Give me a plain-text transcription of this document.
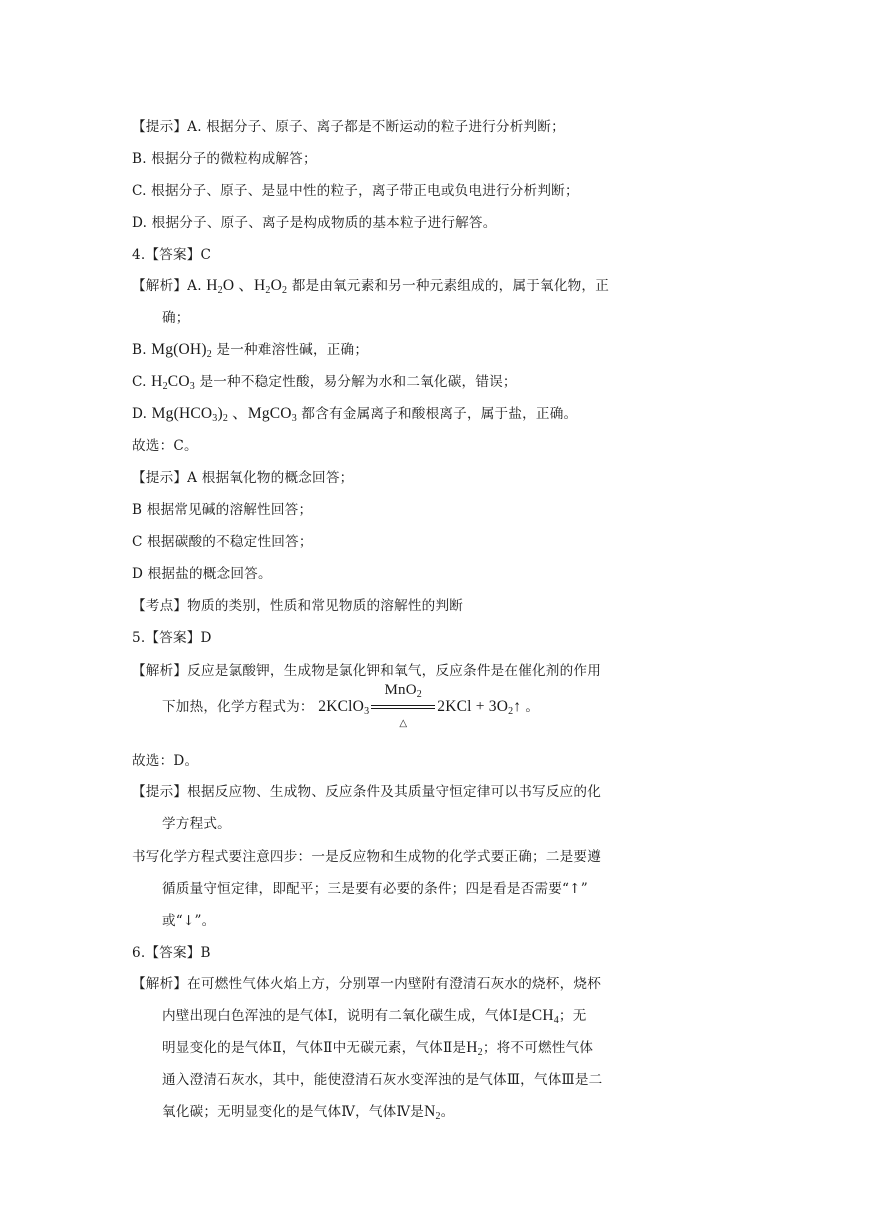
【提示】A. 根据分子、原子、离子都是不断运动的粒子进行分析判断；
B. 根据分子的微粒构成解答；
C. 根据分子、原子、是显中性的粒子，离子带正电或负电进行分析判断；
D. 根据分子、原子、离子是构成物质的基本粒子进行解答。
4.【答案】C
【解析】A. $H_2O$ 、$H_2O_2$ 都是由氧元素和另一种元素组成的，属于氧化物，正
确；
B. $Mg(OH)_2$ 是一种难溶性碱，正确；
C. $H_2CO_3$ 是一种不稳定性酸，易分解为水和二氧化碳，错误；
D. $Mg(HCO_3)_2$ 、MgCO$_3$ 都含有金属离子和酸根离子，属于盐，正确。
故选：C。
【提示】A 根据氧化物的概念回答；
B 根据常见碱的溶解性回答；
C 根据碳酸的不稳定性回答；
D 根据盐的概念回答。
【考点】物质的类别，性质和常见物质的溶解性的判断
5.【答案】D
【解析】反应是氯酸钾，生成物是氯化钾和氧气，反应条件是在催化剂的作用
下加热，化学方程式为： 2KClO$_3$
MnO$_2$
△
$2KCl + 3O_2↑$ 。
故选：D。
【提示】根据反应物、生成物、反应条件及其质量守恒定律可以书写反应的化
学方程式。
书写化学方程式要注意四步：一是反应物和生成物的化学式要正确；二是要遵
循质量守恒定律，即配平；三是要有必要的条件；四是看是否需要“↑”
或“↓”。
6.【答案】B
【解析】在可燃性气体火焰上方，分别罩一内壁附有澄清石灰水的烧杯，烧杯
内壁出现白色浑浊的是气体Ⅰ，说明有二氧化碳生成，气体Ⅰ是$CH_4$；无
明显变化的是气体Ⅱ，气体Ⅱ中无碳元素，气体Ⅱ是$H_2$；将不可燃性气体
通入澄清石灰水，其中，能使澄清石灰水变浑浊的是气体Ⅲ，气体Ⅲ是二
氧化碳；无明显变化的是气体Ⅳ，气体Ⅳ是$N_2$。
